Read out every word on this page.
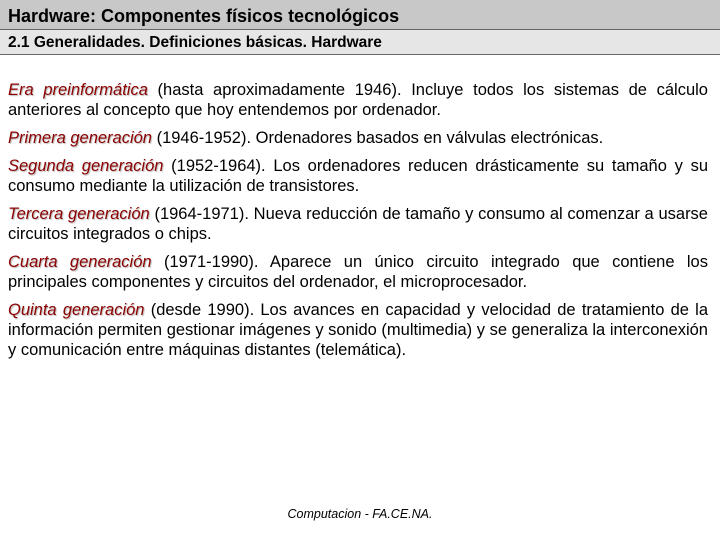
Hardware: Componentes físicos tecnológicos
2.1 Generalidades. Definiciones básicas. Hardware

Era preinformática (hasta aproximadamente 1946). Incluye todos los sistemas de cálculo anteriores al concepto que hoy entendemos por ordenador.

Primera generación (1946-1952). Ordenadores basados en válvulas electrónicas.

Segunda generación (1952-1964). Los ordenadores reducen drásticamente su tamaño y su consumo mediante la utilización de transistores.

Tercera generación (1964-1971). Nueva reducción de tamaño y consumo al comenzar a usarse circuitos integrados o chips.

Cuarta generación (1971-1990). Aparece un único circuito integrado que contiene los principales componentes y circuitos del ordenador, el microprocesador.

Quinta generación (desde 1990). Los avances en capacidad y velocidad de tratamiento de la información permiten gestionar imágenes y sonido (multimedia) y se generaliza la interconexión y comunicación entre máquinas distantes (telemática).

Computacion - FA.CE.NA.
